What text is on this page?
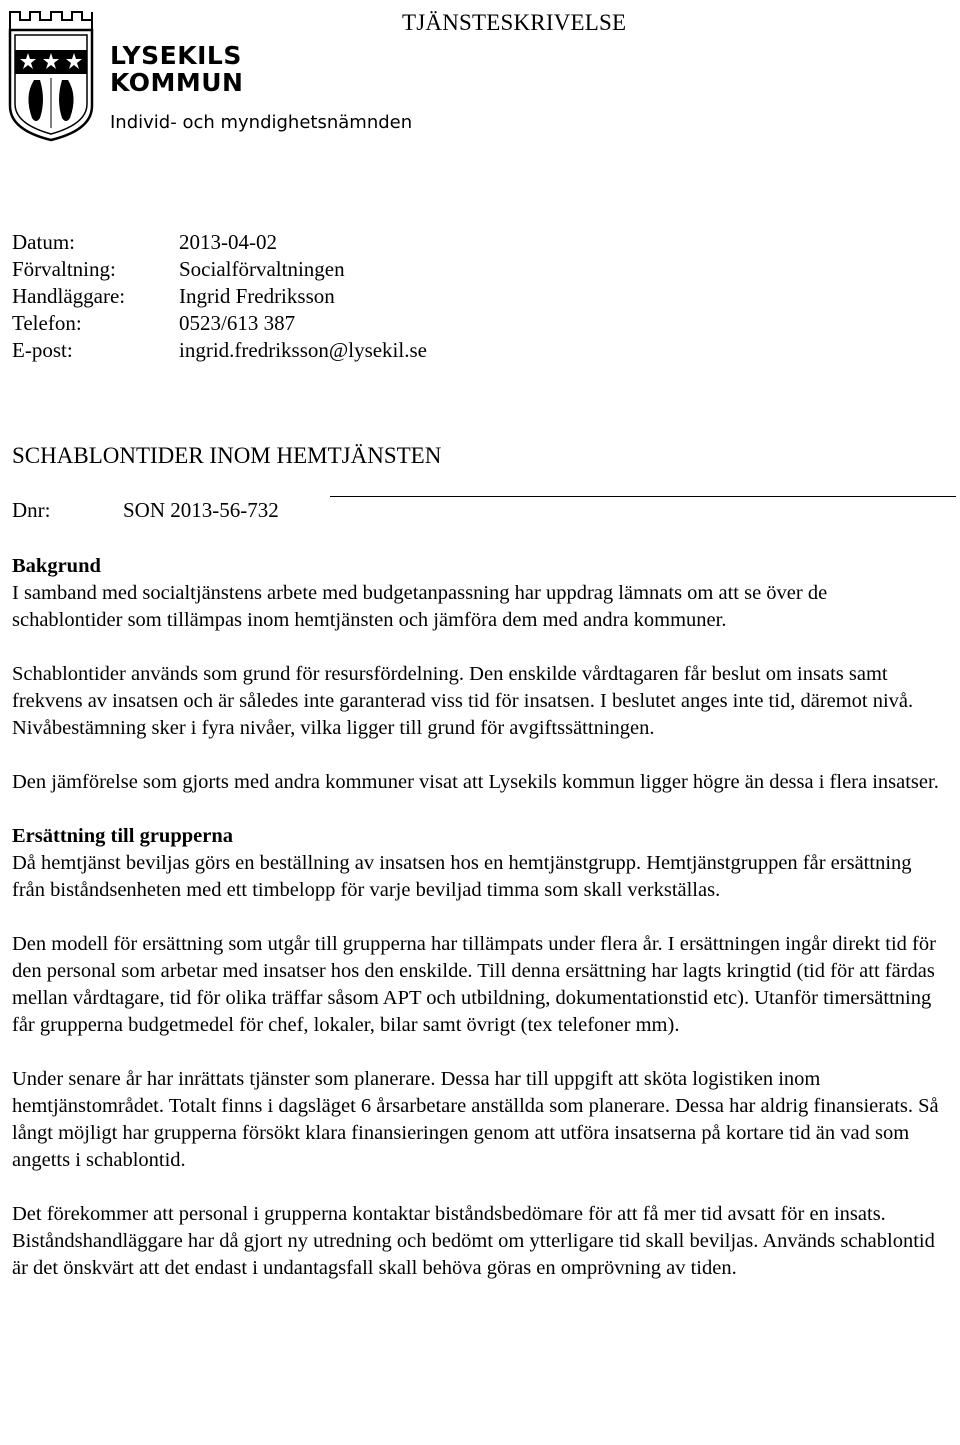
TJÄNSTESKRIVELSE
LYSEKILS
KOMMUN
Individ- och myndighetsnämnden
Datum:	2013-04-02
Förvaltning:	Socialförvaltningen
Handläggare:	Ingrid Fredriksson
Telefon:	0523/613 387
E-post:	ingrid.fredriksson@lysekil.se
SCHABLONTIDER INOM HEMTJÄNSTEN
Dnr:	SON 2013-56-732
Bakgrund

I samband med socialtjänstens arbete med budgetanpassning har uppdrag lämnats om att se över de schablontider som tillämpas inom hemtjänsten och jämföra dem med andra kommuner.

Schablontider används som grund för resursfördelning. Den enskilde vårdtagaren får beslut om insats samt frekvens av insatsen och är således inte garanterad viss tid för insatsen. I beslutet anges inte tid, däremot nivå. Nivåbestämning sker i fyra nivåer, vilka ligger till grund för avgiftssättningen.

Den jämförelse som gjorts med andra kommuner visat att Lysekils kommun ligger högre än dessa i flera insatser.

Ersättning till grupperna

Då hemtjänst beviljas görs en beställning av insatsen hos en hemtjänstgrupp. Hemtjänstgruppen får ersättning från biståndsenheten med ett timbelopp för varje beviljad timma som skall verkställas.

Den modell för ersättning som utgår till grupperna har tillämpats under flera år. I ersättningen ingår direkt tid för den personal som arbetar med insatser hos den enskilde. Till denna ersättning har lagts kringtid (tid för att färdas mellan vårdtagare, tid för olika träffar såsom APT och utbildning, dokumentationstid etc). Utanför timersättning får grupperna budgetmedel för chef, lokaler, bilar samt övrigt (tex telefoner mm).

Under senare år har inrättats tjänster som planerare. Dessa har till uppgift att sköta logistiken inom hemtjänstområdet. Totalt finns i dagsläget 6 årsarbetare anställda som planerare. Dessa har aldrig finansierats. Så långt möjligt har grupperna försökt klara finansieringen genom att utföra insatserna på kortare tid än vad som angetts i schablontid.

Det förekommer att personal i grupperna kontaktar biståndsbedömare för att få mer tid avsatt för en insats. Biståndshandläggare har då gjort ny utredning och bedömt om ytterligare tid skall beviljas. Används schablontid är det önskvärt att det endast i undantagsfall skall behöva göras en omprövning av tiden.
